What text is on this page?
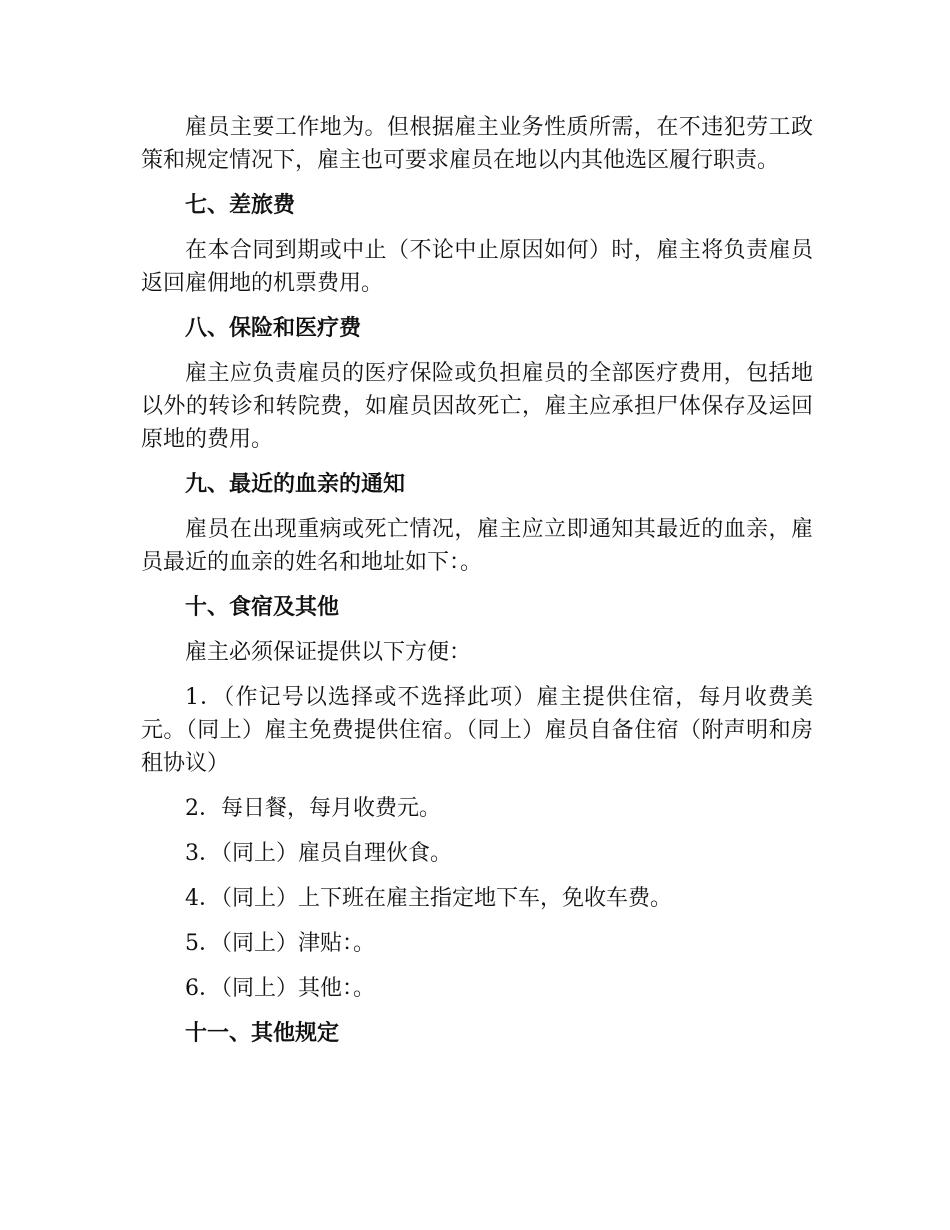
雇员主要工作地为。但根据雇主业务性质所需，在不违犯劳工政策和规定情况下，雇主也可要求雇员在地以内其他选区履行职责。

七、差旅费

在本合同到期或中止（不论中止原因如何）时，雇主将负责雇员返回雇佣地的机票费用。

八、保险和医疗费

雇主应负责雇员的医疗保险或负担雇员的全部医疗费用，包括地以外的转诊和转院费，如雇员因故死亡，雇主应承担尸体保存及运回原地的费用。

九、最近的血亲的通知

雇员在出现重病或死亡情况，雇主应立即通知其最近的血亲，雇员最近的血亲的姓名和地址如下：。

十、食宿及其他

雇主必须保证提供以下方便：

1．（作记号以选择或不选择此项）雇主提供住宿，每月收费美元。（同上）雇主免费提供住宿。（同上）雇员自备住宿（附声明和房租协议）

2．每日餐，每月收费元。

3．（同上）雇员自理伙食。

4．（同上）上下班在雇主指定地下车，免收车费。

5．（同上）津贴：。

6．（同上）其他：。

十一、其他规定
